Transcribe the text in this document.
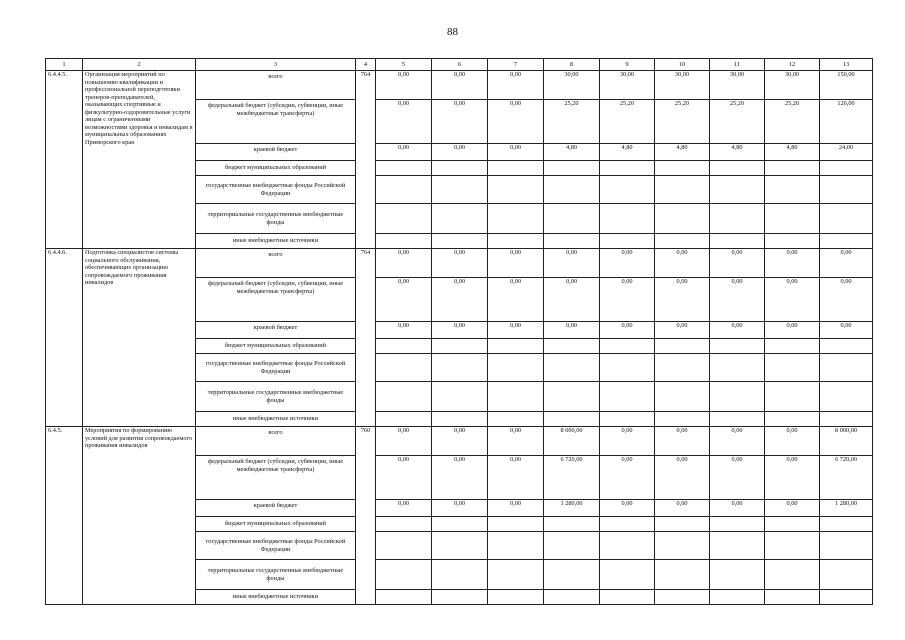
88
1	2	3	4	5	6	7	8	9	10	11	12	13
6.4.4.5.	Организация мероприятий по повышению квалификации и профессиональной переподготовки тренеров-преподавателей, оказывающих спортивные и физкультурно-оздоровительные услуги лицам с ограниченными возможностями здоровья и инвалидам в муниципальных образованиях Приморского края	всего	764	0,00	0,00	0,00	30,00	30,00	30,00	30,00	30,00	150,00
		федеральный бюджет (субсидии, субвенции, иные межбюджетные трансферты)		0,00	0,00	0,00	25,20	25,20	25,20	25,20	25,20	126,00
		краевой бюджет		0,00	0,00	0,00	4,80	4,80	4,80	4,80	4,80	24,00
		бюджет муниципальных образований										
		государственные внебюджетные фонды Российской Федерации										
		территориальные государственные внебюджетные фонды										
		иные внебюджетные источники										
6.4.4.6.	Подготовка специалистов системы социального обслуживания, обеспечивающих организацию сопровождаемого проживания инвалидов	всего	764	0,00	0,00	0,00	0,00	0,00	0,00	0,00	0,00	0,00
		федеральный бюджет (субсидии, субвенции, иные межбюджетные трансферты)		0,00	0,00	0,00	0,00	0,00	0,00	0,00	0,00	0,00
		краевой бюджет		0,00	0,00	0,00	0,00	0,00	0,00	0,00	0,00	0,00
		бюджет муниципальных образований										
		государственные внебюджетные фонды Российской Федерации										
		территориальные государственные внебюджетные фонды										
		иные внебюджетные источники										
6.4.5.	Мероприятия по формированию условий для развития сопровождаемого проживания инвалидов	всего	760	0,00	0,00	0,00	8 000,00	0,00	0,00	0,00	0,00	8 000,00
		федеральный бюджет (субсидии, субвенции, иные межбюджетные трансферты)		0,00	0,00	0,00	6 720,00	0,00	0,00	0,00	0,00	6 720,00
		краевой бюджет		0,00	0,00	0,00	1 280,00	0,00	0,00	0,00	0,00	1 280,00
		бюджет муниципальных образований										
		государственные внебюджетные фонды Российской Федерации										
		территориальные государственные внебюджетные фонды										
		иные внебюджетные источники										
